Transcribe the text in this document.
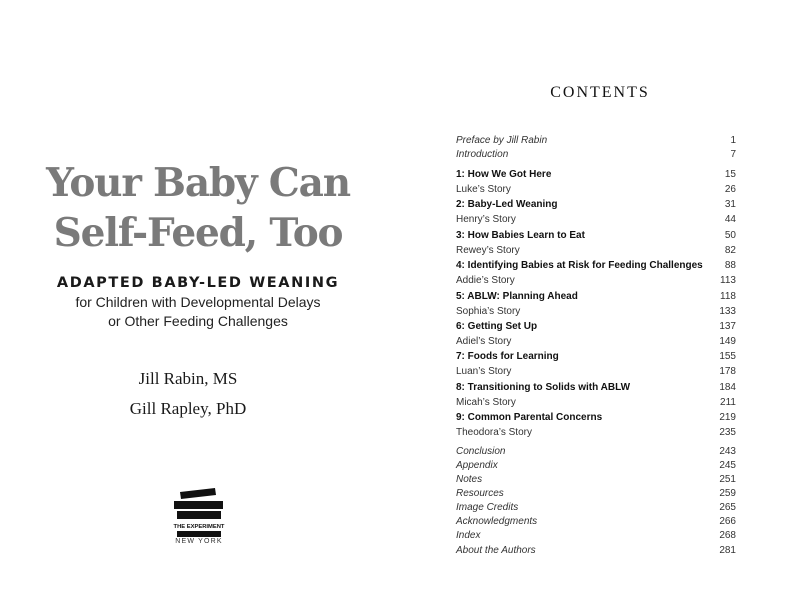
Your Baby Can
Self-Feed, Too
ADAPTED BABY-LED WEANING
for Children with Developmental Delays
or Other Feeding Challenges
Jill Rabin, MS
Gill Rapley, PhD
THE EXPERIMENT
NEW YORK
CONTENTS
Preface by Jill Rabin	1
Introduction	7
1: How We Got Here	15
Luke’s Story	26
2: Baby-Led Weaning	31
Henry’s Story	44
3: How Babies Learn to Eat	50
Rewey’s Story	82
4: Identifying Babies at Risk for Feeding Challenges 88
Addie’s Story	113
5: ABLW: Planning Ahead	118
Sophia’s Story	133
6: Getting Set Up	137
Adiel’s Story	149
7: Foods for Learning	155
Luan’s Story	178
8: Transitioning to Solids with ABLW	184
Micah’s Story	211
9: Common Parental Concerns	219
Theodora’s Story	235
Conclusion	243
Appendix	245
Notes	251
Resources	259
Image Credits	265
Acknowledgments	266
Index	268
About the Authors	281
